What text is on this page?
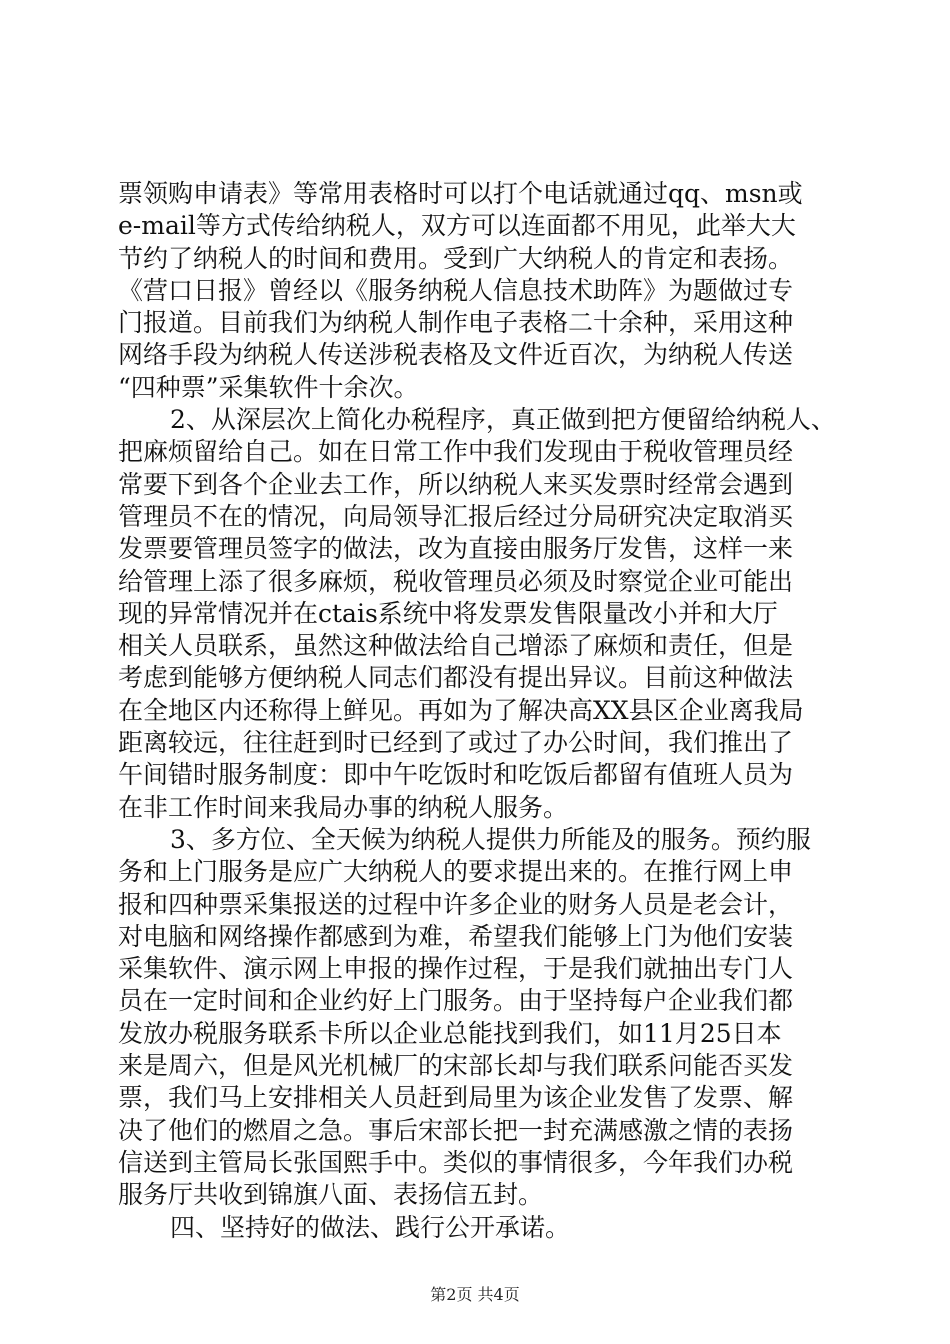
票领购申请表》等常用表格时可以打个电话就通过qq、msn或
e-mail等方式传给纳税人，双方可以连面都不用见，此举大大
节约了纳税人的时间和费用。受到广大纳税人的肯定和表扬。
《营口日报》曾经以《服务纳税人信息技术助阵》为题做过专
门报道。目前我们为纳税人制作电子表格二十余种，采用这种
网络手段为纳税人传送涉税表格及文件近百次，为纳税人传送
“四种票”采集软件十余次。
2、从深层次上简化办税程序，真正做到把方便留给纳税人、
把麻烦留给自己。如在日常工作中我们发现由于税收管理员经
常要下到各个企业去工作，所以纳税人来买发票时经常会遇到
管理员不在的情况，向局领导汇报后经过分局研究决定取消买
发票要管理员签字的做法，改为直接由服务厅发售，这样一来
给管理上添了很多麻烦，税收管理员必须及时察觉企业可能出
现的异常情况并在ctais系统中将发票发售限量改小并和大厅
相关人员联系，虽然这种做法给自己增添了麻烦和责任，但是
考虑到能够方便纳税人同志们都没有提出异议。目前这种做法
在全地区内还称得上鲜见。再如为了解决高XX县区企业离我局
距离较远，往往赶到时已经到了或过了办公时间，我们推出了
午间错时服务制度：即中午吃饭时和吃饭后都留有值班人员为
在非工作时间来我局办事的纳税人服务。
3、多方位、全天候为纳税人提供力所能及的服务。预约服
务和上门服务是应广大纳税人的要求提出来的。在推行网上申
报和四种票采集报送的过程中许多企业的财务人员是老会计，
对电脑和网络操作都感到为难，希望我们能够上门为他们安装
采集软件、演示网上申报的操作过程，于是我们就抽出专门人
员在一定时间和企业约好上门服务。由于坚持每户企业我们都
发放办税服务联系卡所以企业总能找到我们，如11月25日本
来是周六，但是风光机械厂的宋部长却与我们联系问能否买发
票，我们马上安排相关人员赶到局里为该企业发售了发票、解
决了他们的燃眉之急。事后宋部长把一封充满感激之情的表扬
信送到主管局长张国熙手中。类似的事情很多，今年我们办税
服务厅共收到锦旗八面、表扬信五封。
四、坚持好的做法、践行公开承诺。
第2页 共4页
